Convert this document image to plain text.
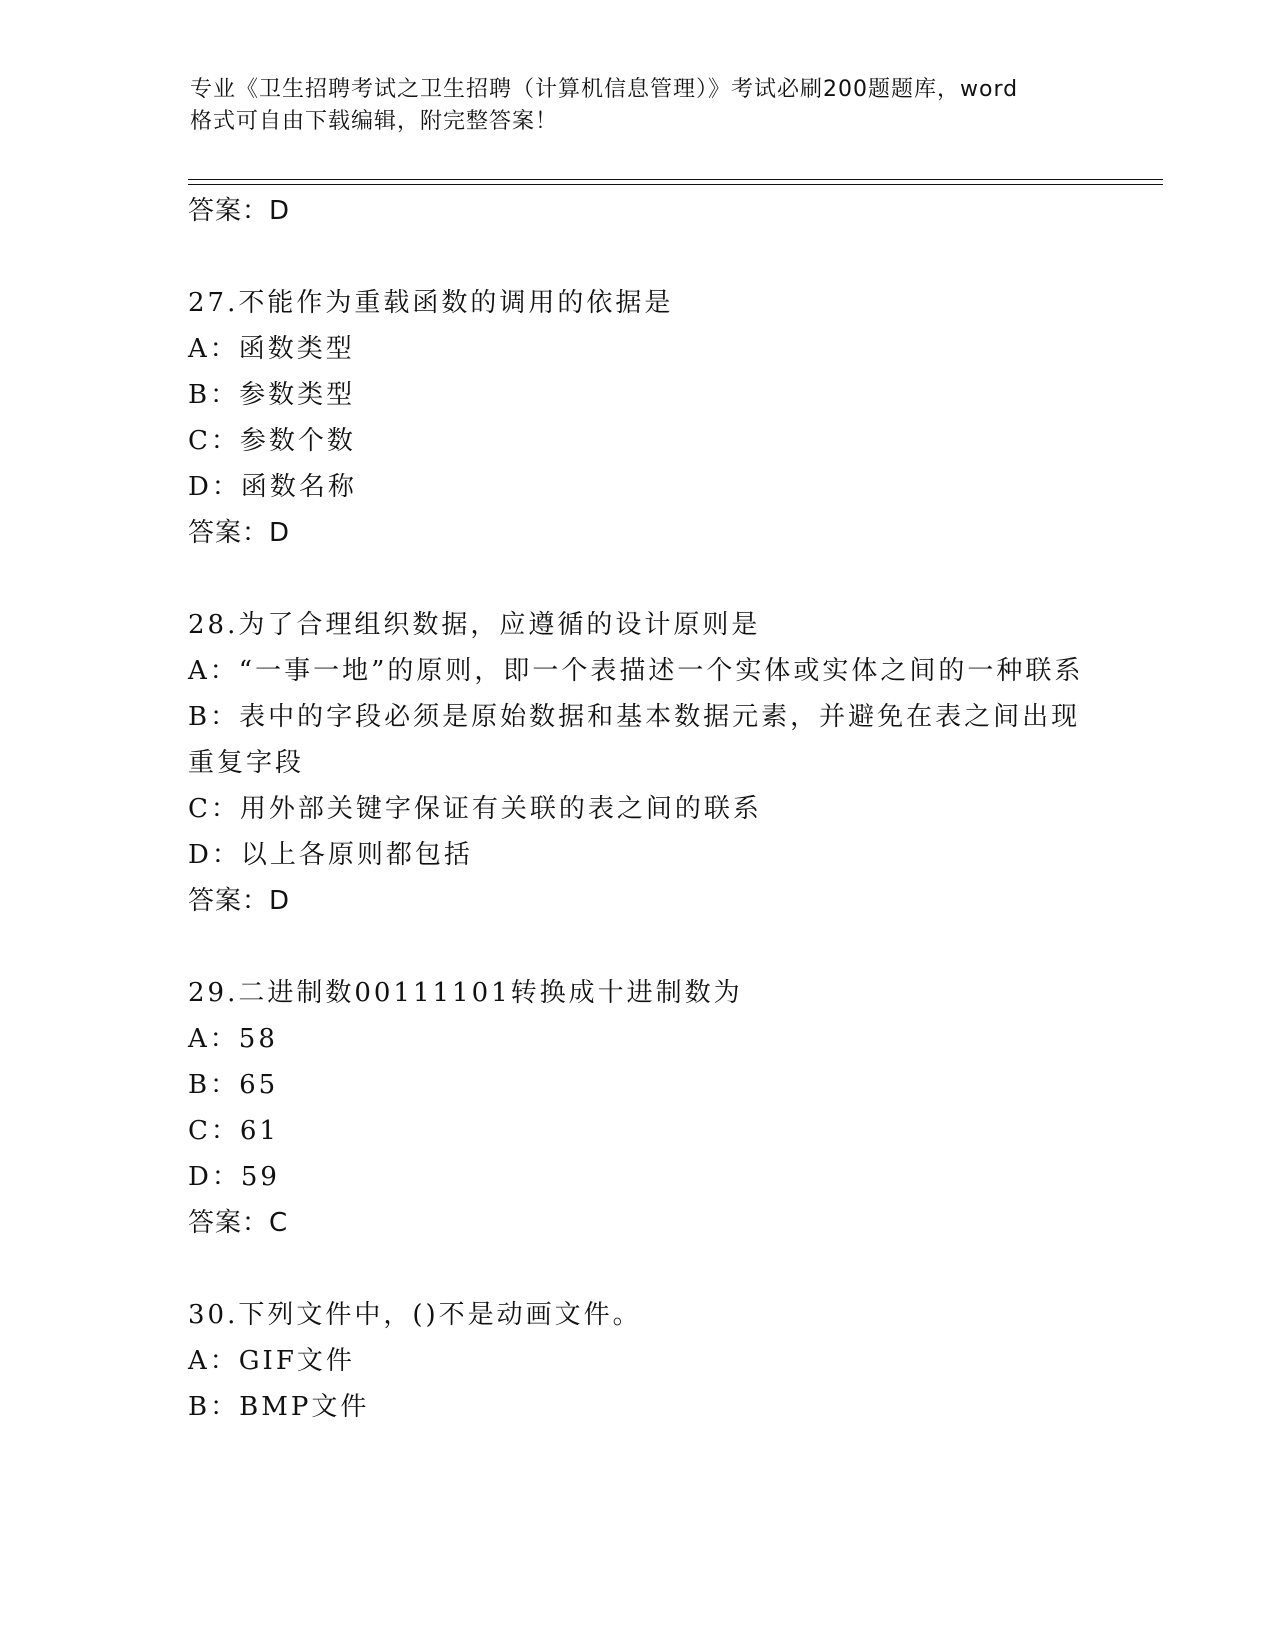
专业《卫生招聘考试之卫生招聘（计算机信息管理）》考试必刷200题题库，word
格式可自由下载编辑，附完整答案！
答案：D
27.不能作为重载函数的调用的依据是
A：函数类型
B：参数类型
C：参数个数
D：函数名称
答案：D
28.为了合理组织数据，应遵循的设计原则是
A：“一事一地”的原则，即一个表描述一个实体或实体之间的一种联系
B：表中的字段必须是原始数据和基本数据元素，并避免在表之间出现重复字段
C：用外部关键字保证有关联的表之间的联系
D：以上各原则都包括
答案：D
29.二进制数00111101转换成十进制数为
A：58
B：65
C：61
D：59
答案：C
30.下列文件中，()不是动画文件。
A：GIF文件
B：BMP文件
